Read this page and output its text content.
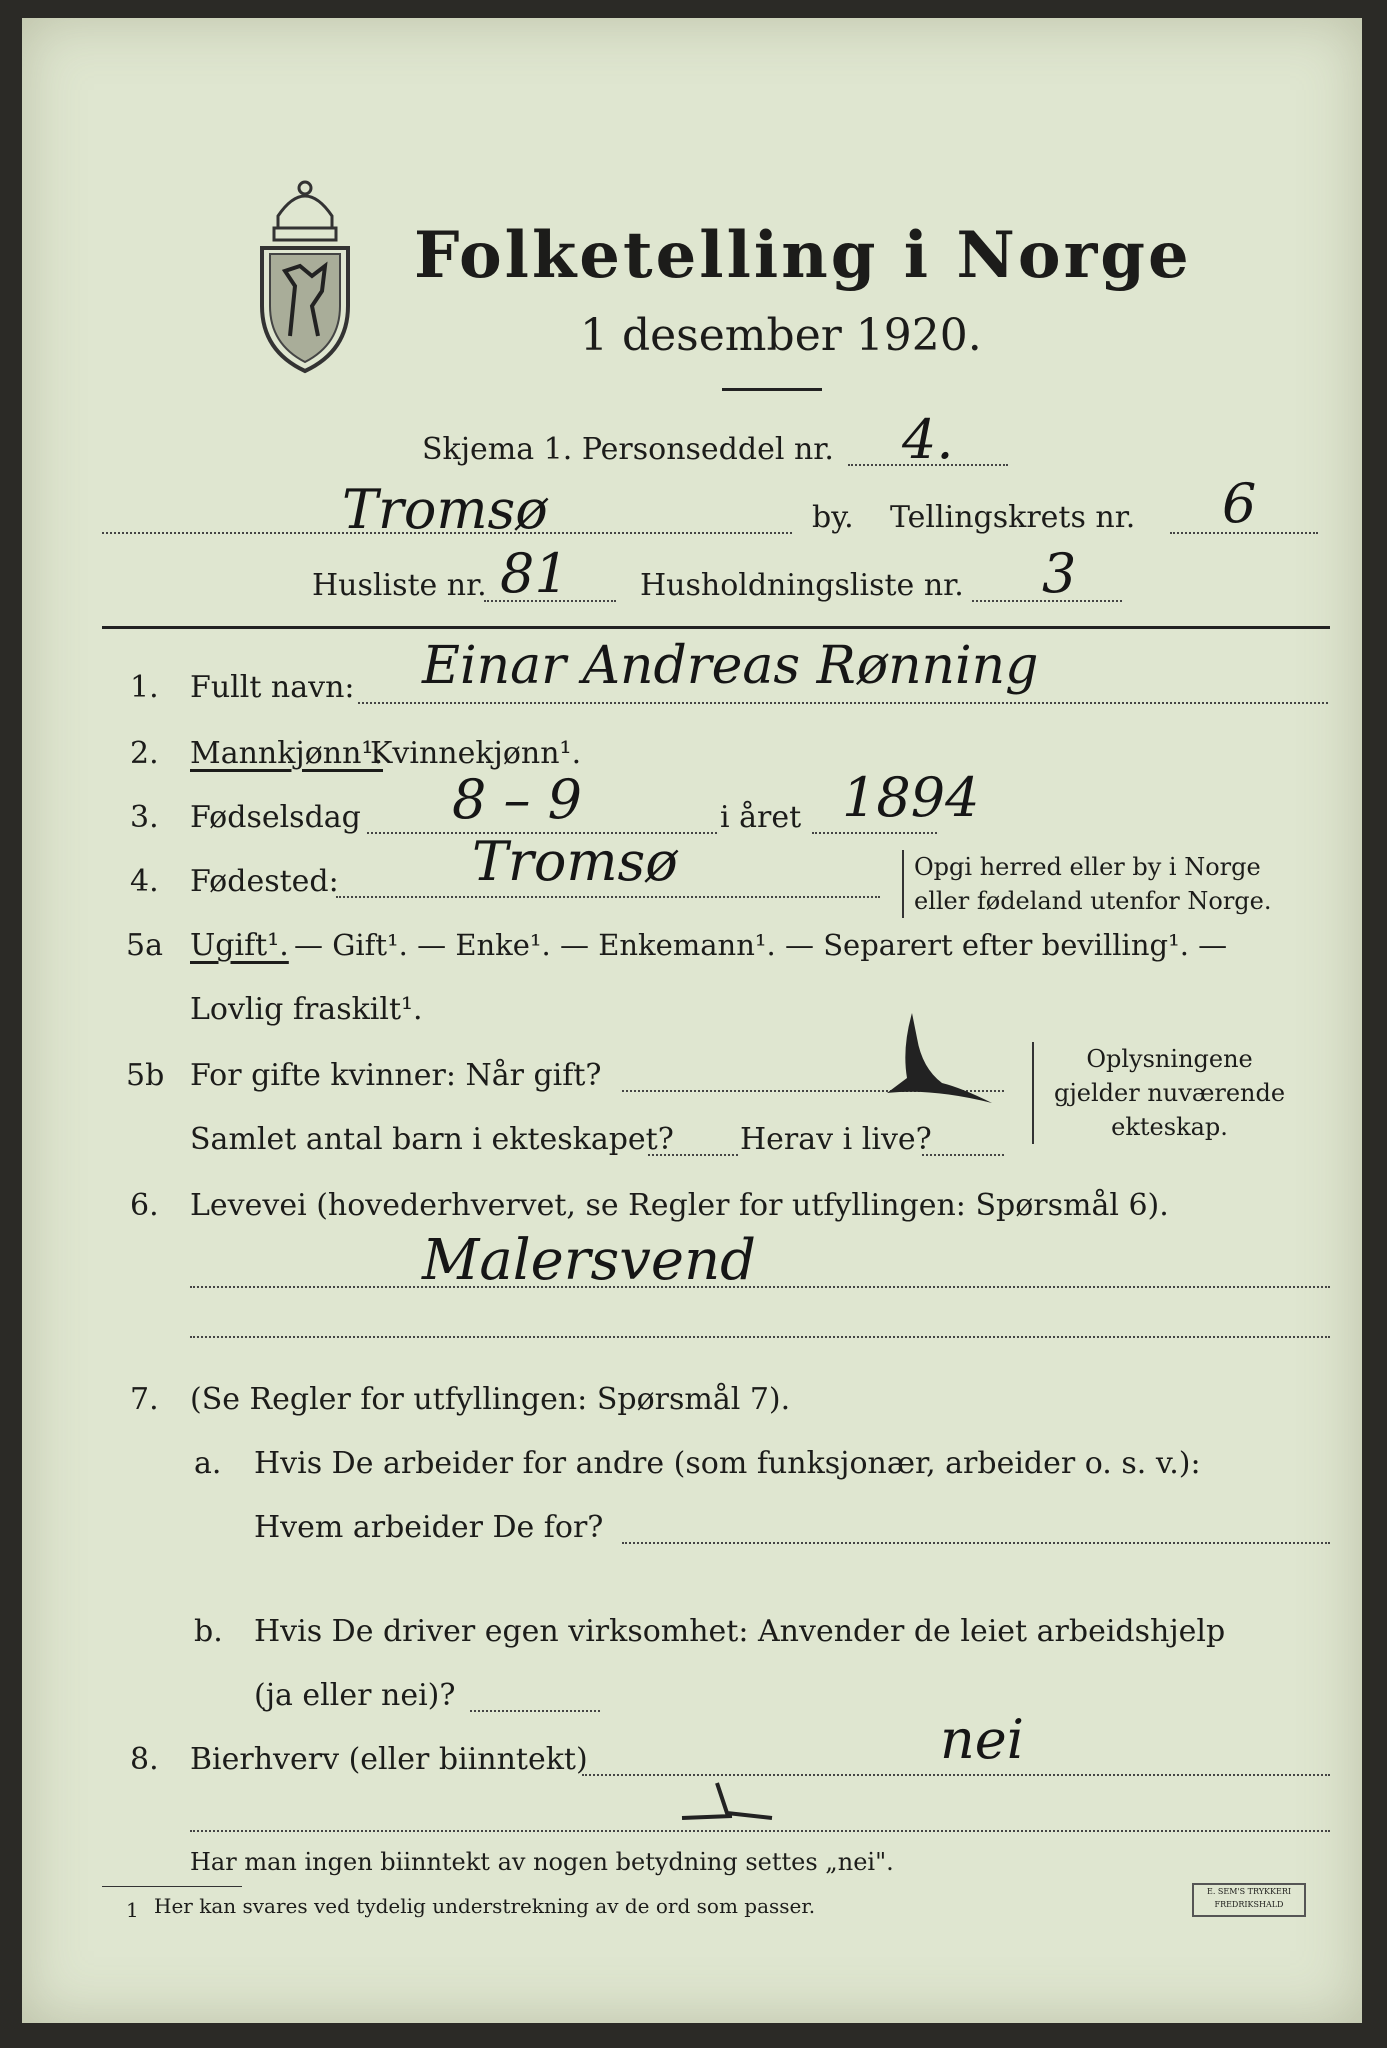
Folketelling i Norge
1 desember 1920.
Skjema 1. Personseddel nr. 4.
Tromsø	by. Tellingskrets nr. 6
Husliste nr. 81 Husholdningsliste nr. 3
1. Fullt navn: Einar Andreas Rønning
2. Mannkjønn¹.
Kvinnekjønn¹.
3. Fødselsdag 8 – 9	i året 1894
4. Fødested: Tromsø	Opgi herred eller by i Norge
eller fødeland utenfor Norge.
5a Ugift¹. — Gift¹. — Enke¹. — Enkemann¹. — Separert efter bevilling¹. —
Lovlig fraskilt¹.
5b For gifte kvinner: Når gift?
Samlet antal barn i ekteskapet? Herav i live?
Oplysningene
gjelder nuværende
ekteskap.
6. Levevei (hovederhvervet, se Regler for utfyllingen: Spørsmål 6).
Malersvend
7. (Se Regler for utfyllingen: Spørsmål 7).
a. Hvis De arbeider for andre (som funksjonær, arbeider o. s. v.):
Hvem arbeider De for?
b. Hvis De driver egen virksomhet: Anvender de leiet arbeidshjelp
(ja eller nei)?
8. Bierhverv (eller biinntekt)	nei
Har man ingen biinntekt av nogen betydning settes „nei".
1 Her kan svares ved tydelig understrekning av de ord som passer.
E. SEM'S TRYKKERI
FREDRIKSHALD
